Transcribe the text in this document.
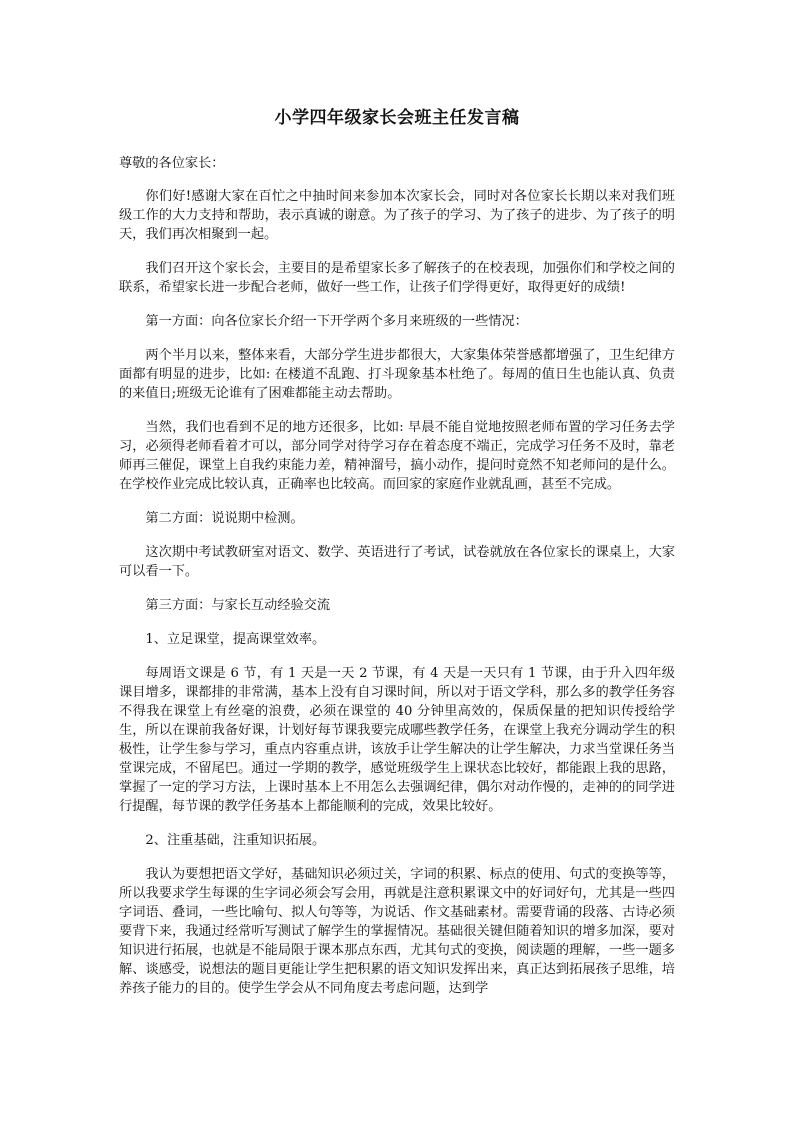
小学四年级家长会班主任发言稿

尊敬的各位家长：

你们好!感谢大家在百忙之中抽时间来参加本次家长会，同时对各位家长长期以来对我们班级工作的大力支持和帮助，表示真诚的谢意。为了孩子的学习、为了孩子的进步、为了孩子的明天，我们再次相聚到一起。

我们召开这个家长会，主要目的是希望家长多了解孩子的在校表现，加强你们和学校之间的联系，希望家长进一步配合老师，做好一些工作，让孩子们学得更好，取得更好的成绩!

第一方面：向各位家长介绍一下开学两个多月来班级的一些情况：

两个半月以来，整体来看，大部分学生进步都很大，大家集体荣誉感都增强了，卫生纪律方面都有明显的进步，比如: 在楼道不乱跑、打斗现象基本杜绝了。每周的值日生也能认真、负责的来值日;班级无论谁有了困难都能主动去帮助。

当然，我们也看到不足的地方还很多，比如: 早晨不能自觉地按照老师布置的学习任务去学习，必须得老师看着才可以，部分同学对待学习存在着态度不端正，完成学习任务不及时，靠老师再三催促，课堂上自我约束能力差，精神溜号，搞小动作，提问时竟然不知老师问的是什么。在学校作业完成比较认真，正确率也比较高。而回家的家庭作业就乱画，甚至不完成。

第二方面：说说期中检测。

这次期中考试教研室对语文、数学、英语进行了考试，试卷就放在各位家长的课桌上，大家可以看一下。

第三方面：与家长互动经验交流

1、立足课堂，提高课堂效率。

每周语文课是 6 节，有 1 天是一天 2 节课，有 4 天是一天只有 1 节课，由于升入四年级课目增多，课都排的非常满，基本上没有自习课时间，所以对于语文学科，那么多的教学任务容不得我在课堂上有丝毫的浪费，必须在课堂的 40 分钟里高效的，保质保量的把知识传授给学生，所以在课前我备好课，计划好每节课我要完成哪些教学任务，在课堂上我充分调动学生的积极性，让学生参与学习，重点内容重点讲，该放手让学生解决的让学生解决，力求当堂课任务当堂课完成，不留尾巴。通过一学期的教学，感觉班级学生上课状态比较好，都能跟上我的思路，掌握了一定的学习方法，上课时基本上不用怎么去强调纪律，偶尔对动作慢的，走神的的同学进行提醒，每节课的教学任务基本上都能顺利的完成，效果比较好。

2、注重基础，注重知识拓展。

我认为要想把语文学好，基础知识必须过关，字词的积累、标点的使用、句式的变换等等，所以我要求学生每课的生字词必须会写会用，再就是注意积累课文中的好词好句，尤其是一些四字词语、叠词，一些比喻句、拟人句等等，为说话、作文基础素材。需要背诵的段落、古诗必须要背下来，我通过经常听写测试了解学生的掌握情况。基础很关键但随着知识的增多加深，要对知识进行拓展，也就是不能局限于课本那点东西，尤其句式的变换，阅读题的理解，一些一题多解、谈感受，说想法的题目更能让学生把积累的语文知识发挥出来，真正达到拓展孩子思维，培养孩子能力的目的。使学生学会从不同角度去考虑问题，达到学
